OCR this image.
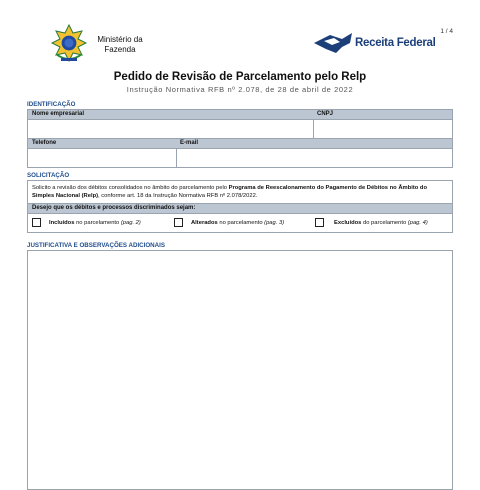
1 / 4
Ministério da
Fazenda	Receita Federal
Pedido de Revisão de Parcelamento pelo Relp
Instrução Normativa RFB nº 2.078, de 28 de abril de 2022
IDENTIFICAÇÃO
Nome empresarial	CNPJ
Telefone	E-mail
SOLICITAÇÃO
Solicito a revisão dos débitos consolidados no âmbito do parcelamento pelo Programa de Reescalonamento do Pagamento de Débitos no Âmbito do Simples Nacional (Relp), conforme art. 18 da Instrução Normativa RFB nº 2.078/2022.
Desejo que os débitos e processos discriminados sejam:
Incluídos no parcelamento (pag. 2)	Alterados no parcelamento (pag. 3)	Excluídos do parcelamento (pag. 4)
JUSTIFICATIVA E OBSERVAÇÕES ADICIONAIS
